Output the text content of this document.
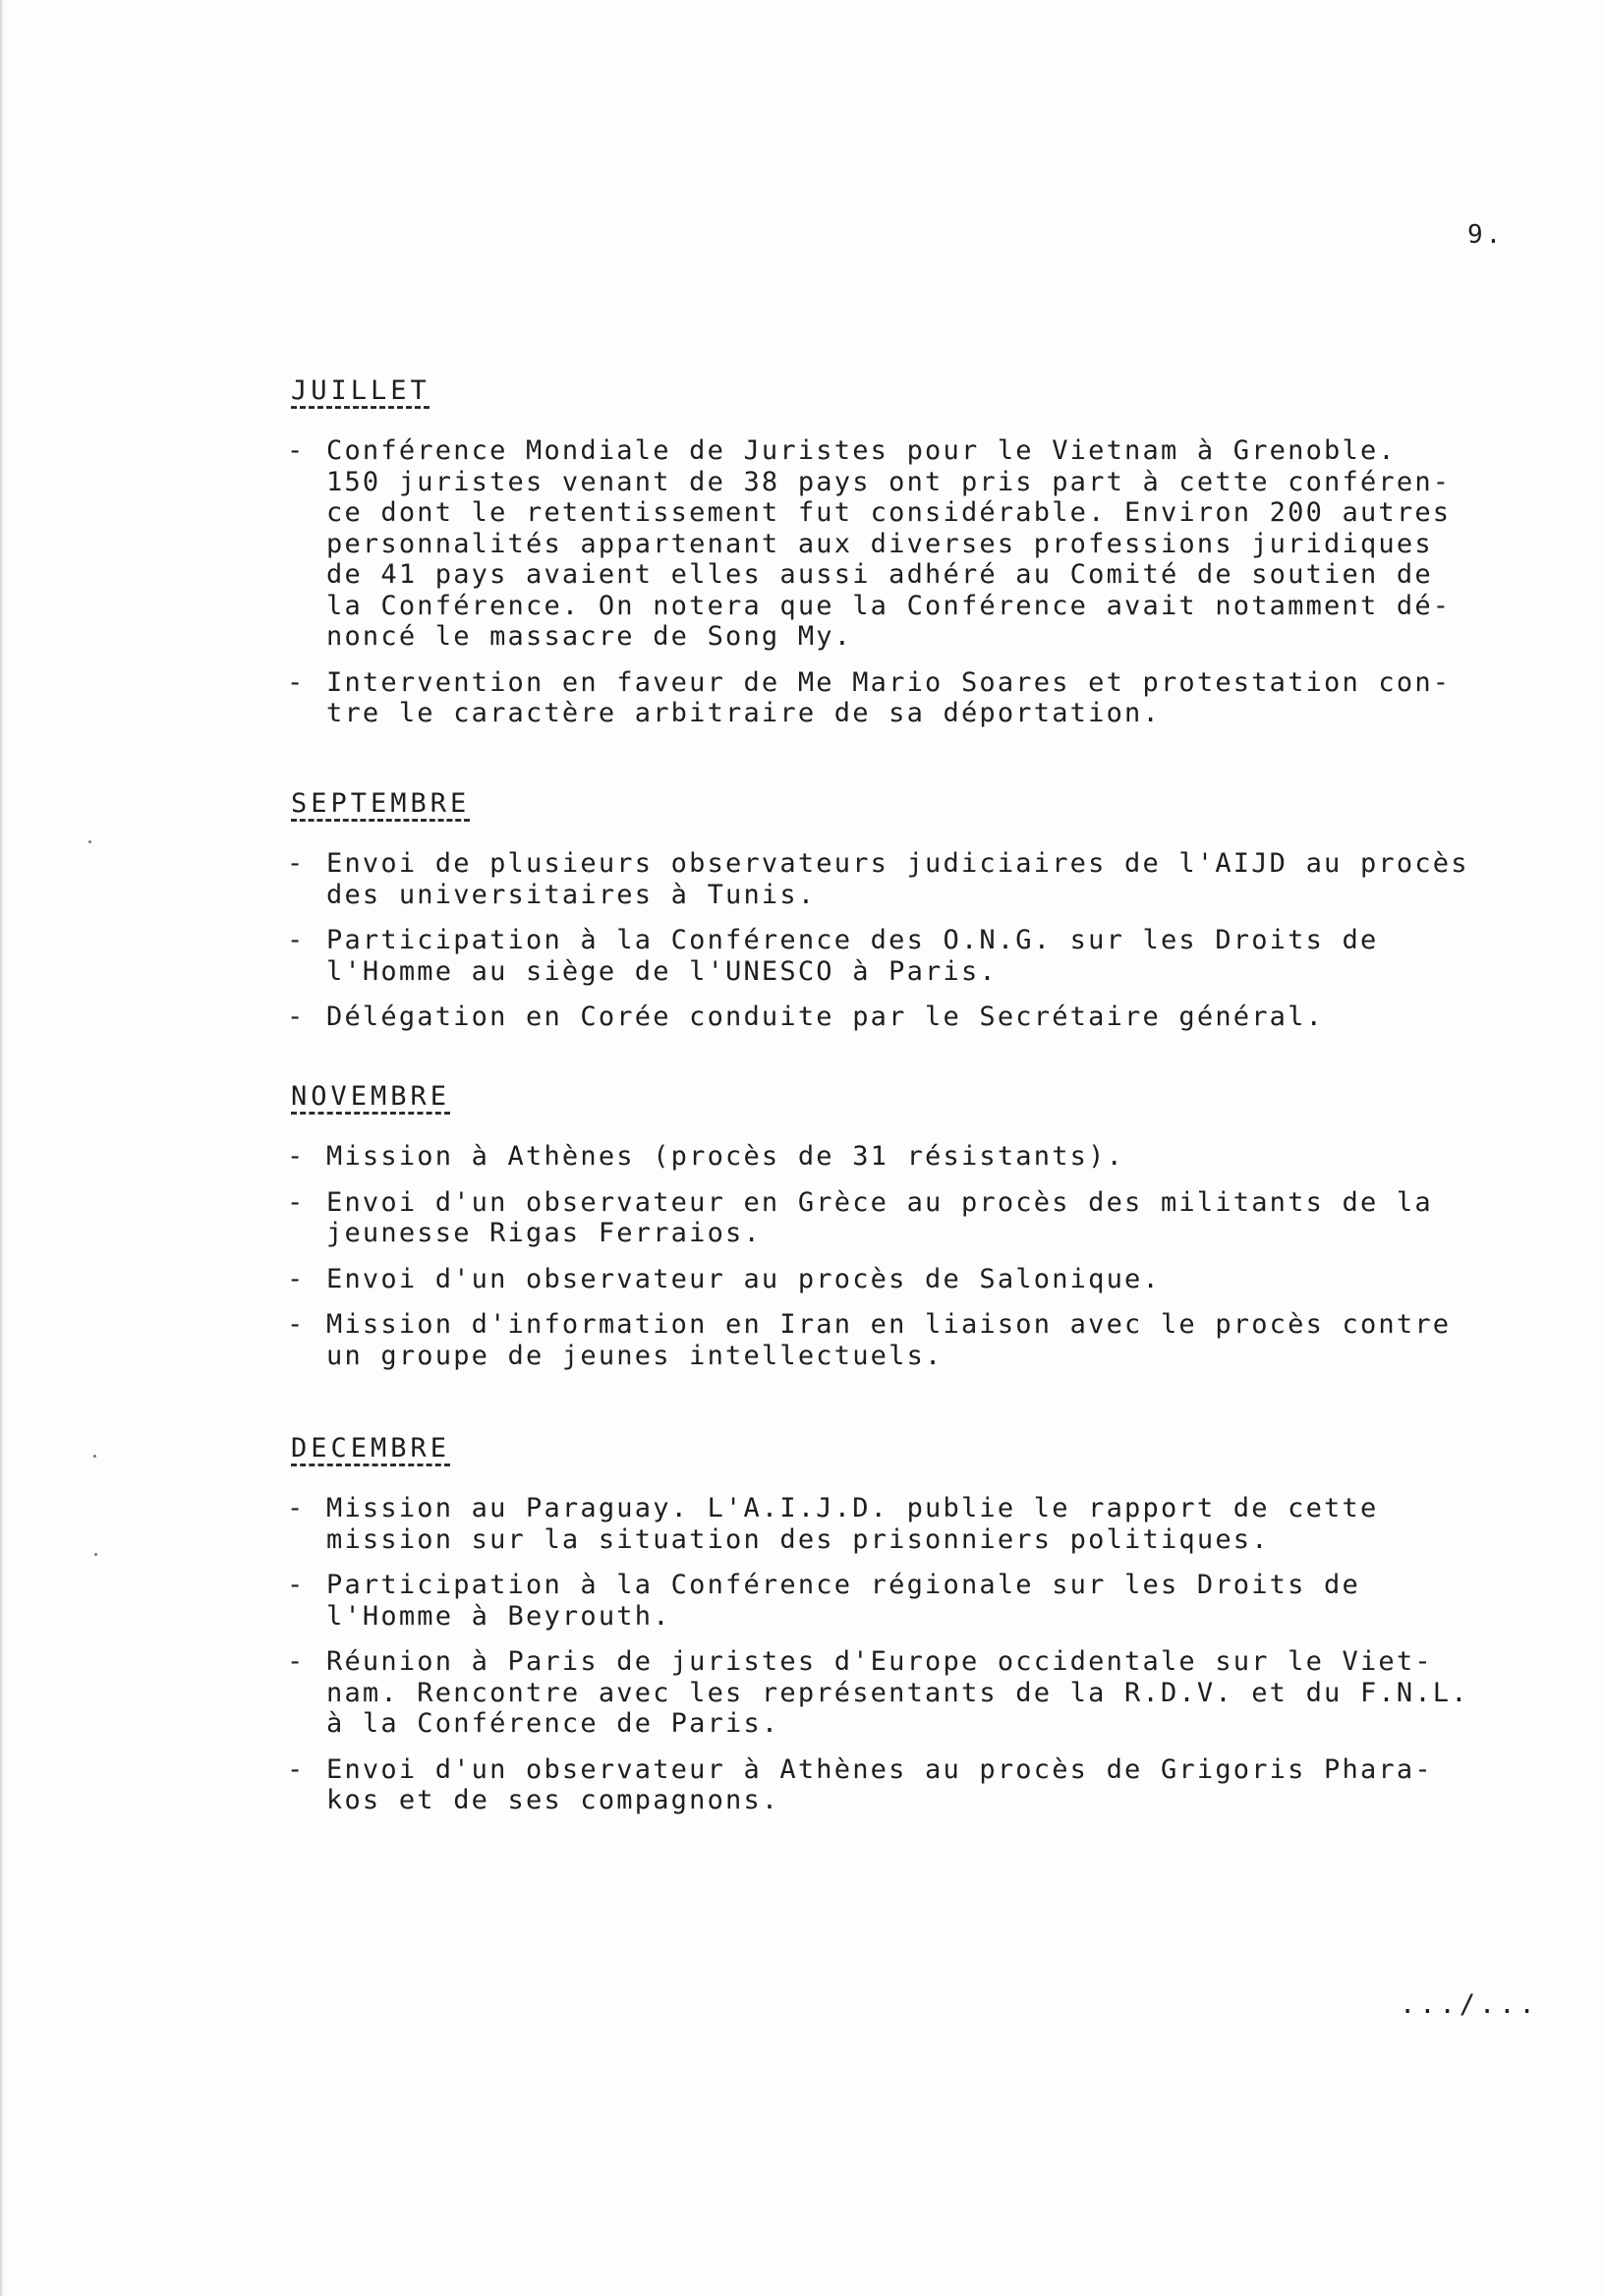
9.
JUILLET
- Conférence Mondiale de Juristes pour le Vietnam à Grenoble.
150 juristes venant de 38 pays ont pris part à cette conféren-
ce dont le retentissement fut considérable. Environ 200 autres
personnalités appartenant aux diverses professions juridiques
de 41 pays avaient elles aussi adhéré au Comité de soutien de
la Conférence. On notera que la Conférence avait notamment dé-
noncé le massacre de Song My.
- Intervention en faveur de Me Mario Soares et protestation con-
tre le caractère arbitraire de sa déportation.
SEPTEMBRE
- Envoi de plusieurs observateurs judiciaires de l'AIJD au procès
des universitaires à Tunis.
- Participation à la Conférence des O.N.G. sur les Droits de
l'Homme au siège de l'UNESCO à Paris.
- Délégation en Corée conduite par le Secrétaire général.
NOVEMBRE
- Mission à Athènes (procès de 31 résistants).
- Envoi d'un observateur en Grèce au procès des militants de la
jeunesse Rigas Ferraios.
- Envoi d'un observateur au procès de Salonique.
- Mission d'information en Iran en liaison avec le procès contre
un groupe de jeunes intellectuels.
DECEMBRE
- Mission au Paraguay. L'A.I.J.D. publie le rapport de cette
mission sur la situation des prisonniers politiques.
- Participation à la Conférence régionale sur les Droits de
l'Homme à Beyrouth.
- Réunion à Paris de juristes d'Europe occidentale sur le Viet-
nam. Rencontre avec les représentants de la R.D.V. et du F.N.L.
à la Conférence de Paris.
- Envoi d'un observateur à Athènes au procès de Grigoris Phara-
kos et de ses compagnons.
.../...
